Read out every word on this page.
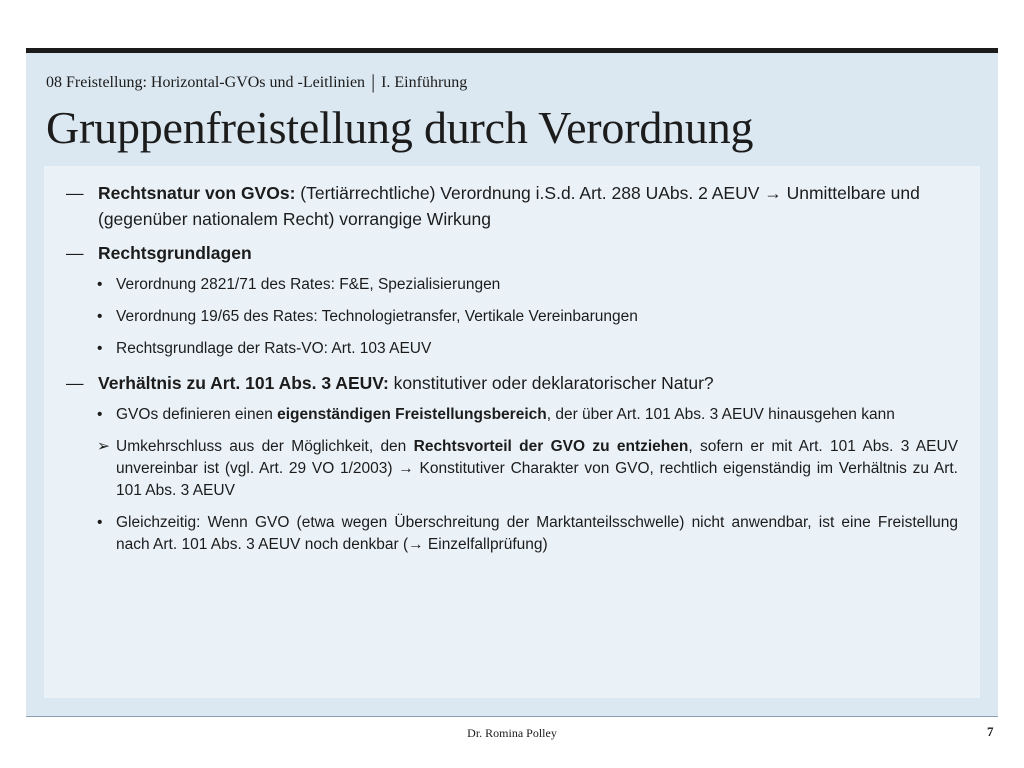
08 Freistellung: Horizontal-GVOs und -Leitlinien | I. Einführung
Gruppenfreistellung durch Verordnung
— Rechtsnatur von GVOs: (Tertiärrechtliche) Verordnung i.S.d. Art. 288 UAbs. 2 AEUV → Unmittelbare und (gegenüber nationalem Recht) vorrangige Wirkung
— Rechtsgrundlagen
• Verordnung 2821/71 des Rates: F&E, Spezialisierungen
• Verordnung 19/65 des Rates: Technologietransfer, Vertikale Vereinbarungen
• Rechtsgrundlage der Rats-VO: Art. 103 AEUV
— Verhältnis zu Art. 101 Abs. 3 AEUV: konstitutiver oder deklaratorischer Natur?
• GVOs definieren einen eigenständigen Freistellungsbereich, der über Art. 101 Abs. 3 AEUV hinausgehen kann
➢ Umkehrschluss aus der Möglichkeit, den Rechtsvorteil der GVO zu entziehen, sofern er mit Art. 101 Abs. 3 AEUV unvereinbar ist (vgl. Art. 29 VO 1/2003) → Konstitutiver Charakter von GVO, rechtlich eigenständig im Verhältnis zu Art. 101 Abs. 3 AEUV
• Gleichzeitig: Wenn GVO (etwa wegen Überschreitung der Marktanteilsschwelle) nicht anwendbar, ist eine Freistellung nach Art. 101 Abs. 3 AEUV noch denkbar (→ Einzelfallprüfung)
Dr. Romina Polley	7
